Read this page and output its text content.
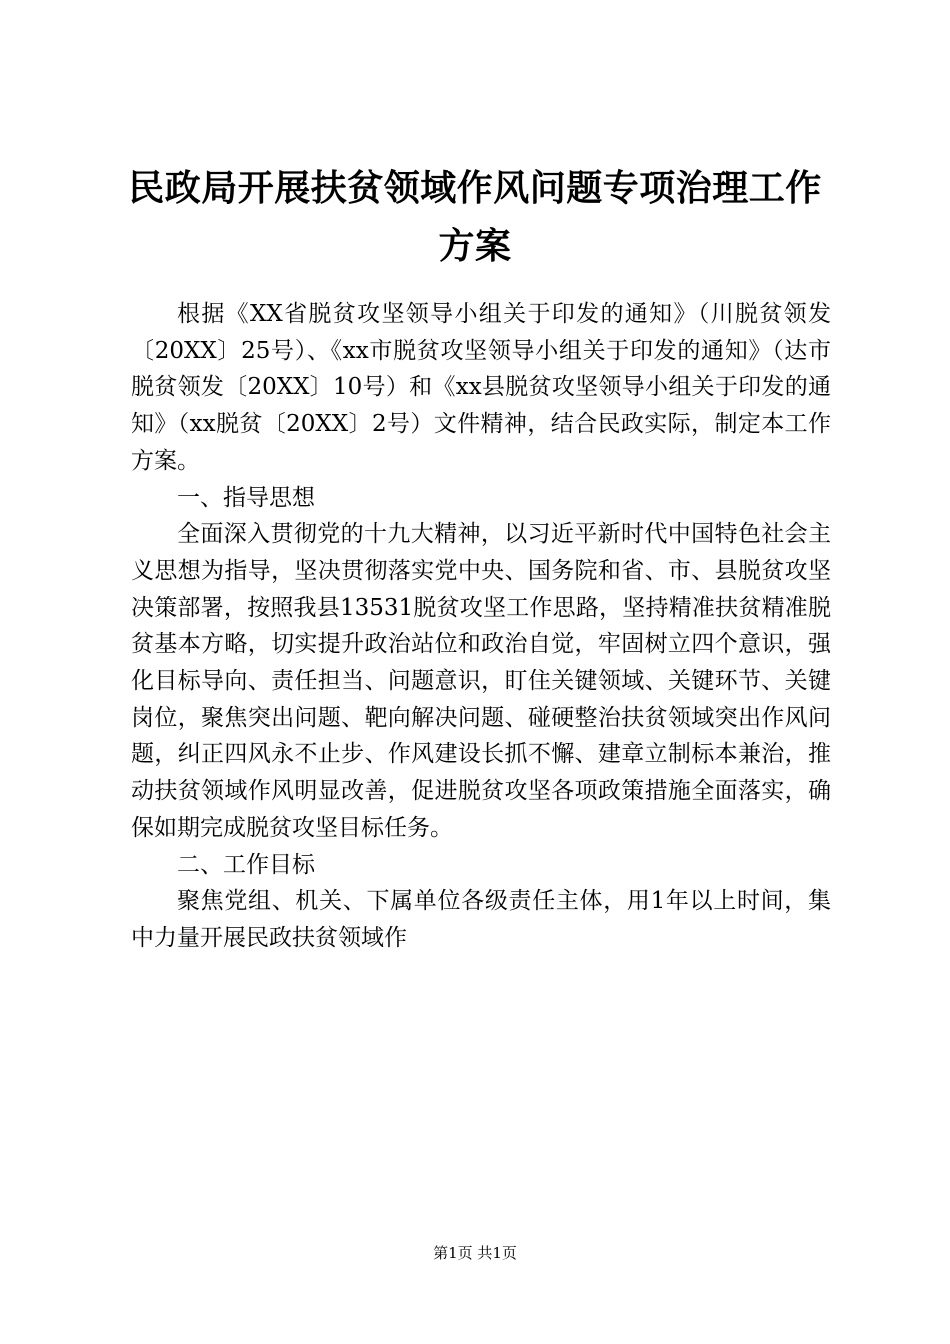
民政局开展扶贫领域作风问题专项治理工作方案

根据《XX省脱贫攻坚领导小组关于印发的通知》（川脱贫领发〔20XX〕25号）、《xx市脱贫攻坚领导小组关于印发的通知》（达市脱贫领发〔20XX〕10号）和《xx县脱贫攻坚领导小组关于印发的通知》（xx脱贫〔20XX〕2号）文件精神，结合民政实际，制定本工作方案。

一、指导思想

全面深入贯彻党的十九大精神，以习近平新时代中国特色社会主义思想为指导，坚决贯彻落实党中央、国务院和省、市、县脱贫攻坚决策部署，按照我县13531脱贫攻坚工作思路，坚持精准扶贫精准脱贫基本方略，切实提升政治站位和政治自觉，牢固树立四个意识，强化目标导向、责任担当、问题意识，盯住关键领域、关键环节、关键岗位，聚焦突出问题、靶向解决问题、碰硬整治扶贫领域突出作风问题，纠正四风永不止步、作风建设长抓不懈、建章立制标本兼治，推动扶贫领域作风明显改善，促进脱贫攻坚各项政策措施全面落实，确保如期完成脱贫攻坚目标任务。

二、工作目标

聚焦党组、机关、下属单位各级责任主体，用1年以上时间，集中力量开展民政扶贫领域作

第1页 共1页
